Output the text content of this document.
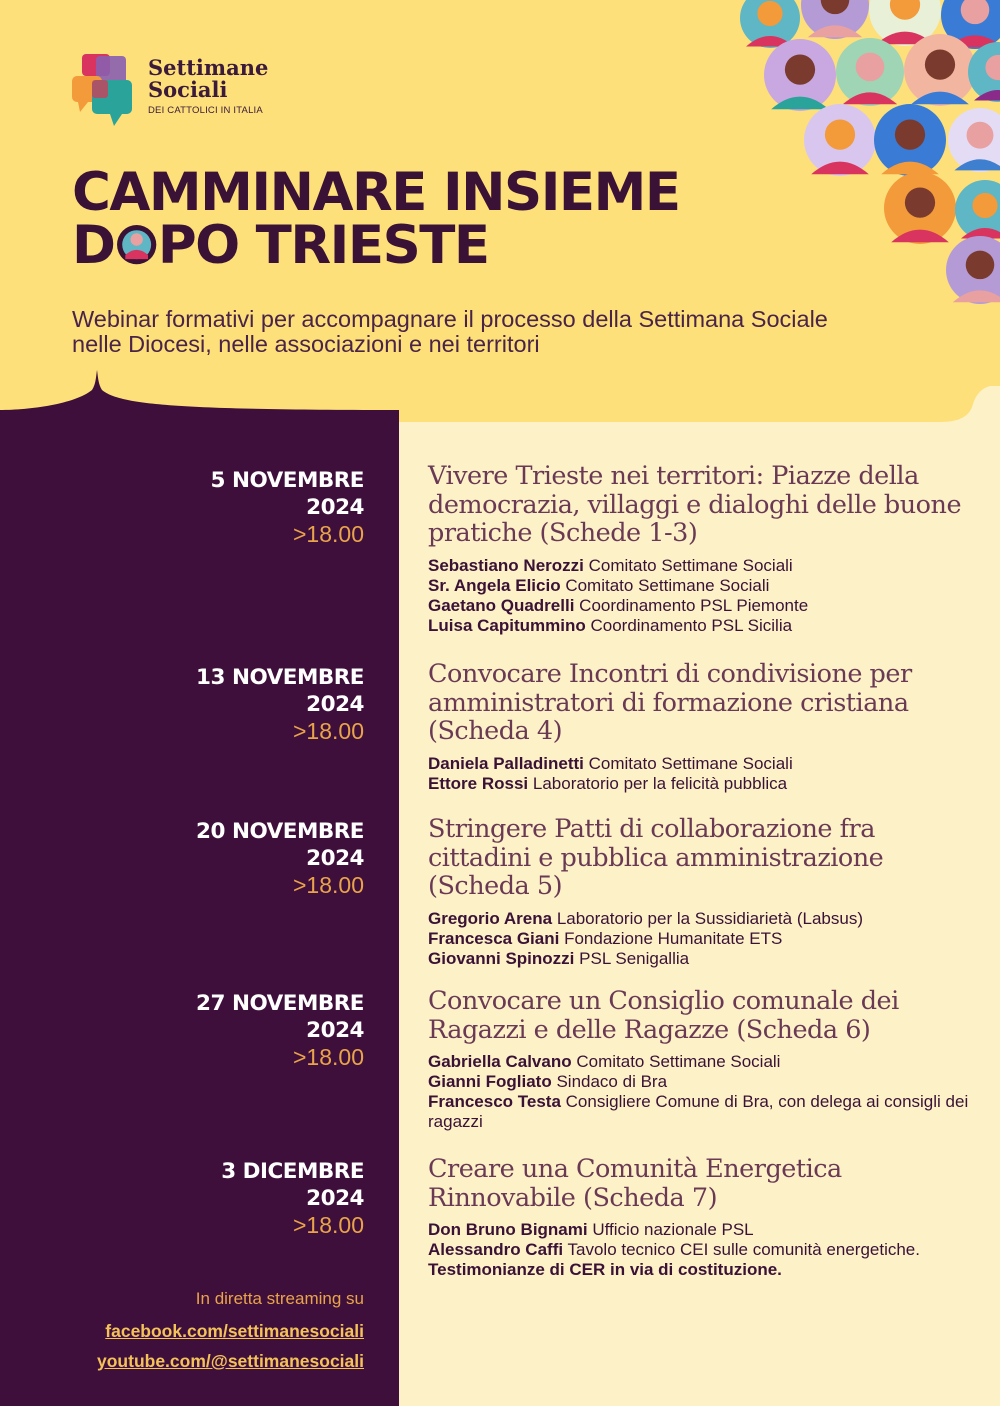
Settimane
Sociali
DEI CATTOLICI IN ITALIA
CAMMINARE INSIEME
D PO TRIESTE

Webinar formativi per accompagnare il processo della Settimana Sociale nelle Diocesi, nelle associazioni e nei territori

5 NOVEMBRE
2024
>18.00
Vivere Trieste nei territori: Piazze della democrazia, villaggi e dialoghi delle buone pratiche (Schede 1-3)
Sebastiano Nerozzi Comitato Settimane Sociali
Sr. Angela Elicio Comitato Settimane Sociali
Gaetano Quadrelli Coordinamento PSL Piemonte
Luisa Capitummino Coordinamento PSL Sicilia
13 NOVEMBRE
2024
>18.00
Convocare Incontri di condivisione per amministratori di formazione cristiana (Scheda 4)
Daniela Palladinetti Comitato Settimane Sociali
Ettore Rossi Laboratorio per la felicità pubblica
20 NOVEMBRE
2024
>18.00
Stringere Patti di collaborazione fra cittadini e pubblica amministrazione (Scheda 5)
Gregorio Arena Laboratorio per la Sussidiarietà (Labsus)
Francesca Giani Fondazione Humanitate ETS
Giovanni Spinozzi PSL Senigallia
27 NOVEMBRE
2024
>18.00
Convocare un Consiglio comunale dei Ragazzi e delle Ragazze (Scheda 6)
Gabriella Calvano Comitato Settimane Sociali
Gianni Fogliato Sindaco di Bra
Francesco Testa Consigliere Comune di Bra, con delega ai consigli dei ragazzi
3 DICEMBRE
2024
>18.00
Creare una Comunità Energetica Rinnovabile (Scheda 7)
Don Bruno Bignami Ufficio nazionale PSL
Alessandro Caffi Tavolo tecnico CEI sulle comunità energetiche.
Testimonianze di CER in via di costituzione.
In diretta streaming su
facebook.com/settimanesociali
youtube.com/@settimanesociali
